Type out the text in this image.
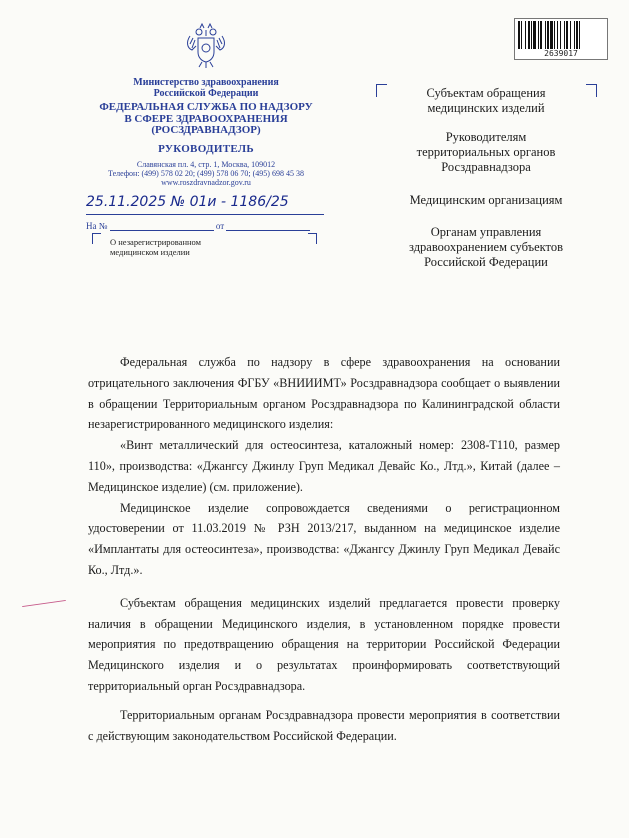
Министерство здравоохранения
Российской Федерации
ФЕДЕРАЛЬНАЯ СЛУЖБА ПО НАДЗОРУ
В СФЕРЕ ЗДРАВООХРАНЕНИЯ
(РОСЗДРАВНАДЗОР)
РУКОВОДИТЕЛЬ
Славянская пл. 4, стр. 1, Москва, 109012
Телефон: (499) 578 02 20; (499) 578 06 70; (495) 698 45 38
www.roszdravnadzor.gov.ru
25.11.2025 № 01и - 1186/25
На №	от
О незарегистрированном
медицинском изделии
2639017
Субъектам обращения
медицинских изделий
Руководителям
территориальных органов
Росздравнадзора
Медицинским организациям
Органам управления
здравоохранением субъектов
Российской Федерации

Федеральная служба по надзору в сфере здравоохранения на основании отрицательного заключения ФГБУ «ВНИИИМТ» Росздравнадзора сообщает о выявлении в обращении Территориальным органом Росздравнадзора по Калининградской области незарегистрированного медицинского изделия:

«Винт металлический для остеосинтеза, каталожный номер: 2308-T110, размер 110», производства: «Джангсу Джинлу Груп Медикал Девайс Ко., Лтд.», Китай (далее – Медицинское изделие) (см. приложение).

Медицинское изделие сопровождается сведениями о регистрационном удостоверении от 11.03.2019 № РЗН 2013/217, выданном на медицинское изделие «Имплантаты для остеосинтеза», производства: «Джангсу Джинлу Груп Медикал Девайс Ко., Лтд.».

Субъектам обращения медицинских изделий предлагается провести проверку наличия в обращении Медицинского изделия, в установленном порядке провести мероприятия по предотвращению обращения на территории Российской Федерации Медицинского изделия и о результатах проинформировать соответствующий территориальный орган Росздравнадзора.

Территориальным органам Росздравнадзора провести мероприятия в соответствии с действующим законодательством Российской Федерации.
